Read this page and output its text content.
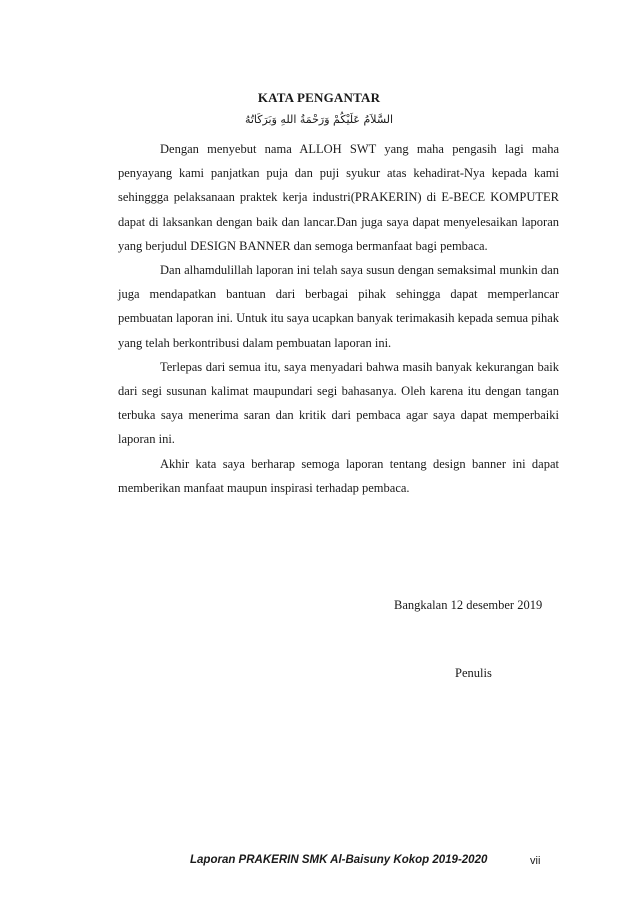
KATA PENGANTAR
السَّلاَمُ عَلَيْكُمْ وَرَحْمَةُ اللهِ وَبَرَكَاتُهُ

Dengan menyebut nama ALLOH SWT yang maha pengasih lagi maha penyayang kami panjatkan puja dan puji syukur atas kehadirat-Nya kepada kami sehinggga pelaksanaan praktek kerja industri(PRAKERIN) di E-BECE KOMPUTER dapat di laksankan dengan baik dan lancar.Dan juga saya dapat menyelesaikan laporan yang berjudul DESIGN BANNER dan semoga bermanfaat bagi pembaca.

Dan alhamdulillah laporan ini telah saya susun dengan semaksimal munkin dan juga mendapatkan bantuan dari berbagai pihak sehingga dapat memperlancar pembuatan laporan ini. Untuk itu saya ucapkan banyak terimakasih kepada semua pihak yang telah berkontribusi dalam pembuatan laporan ini.

Terlepas dari semua itu, saya menyadari bahwa masih banyak kekurangan baik dari segi susunan kalimat maupundari segi bahasanya. Oleh karena itu dengan tangan terbuka saya menerima saran dan kritik dari pembaca agar saya dapat memperbaiki laporan ini.

Akhir kata saya berharap semoga laporan tentang design banner ini dapat memberikan manfaat maupun inspirasi terhadap pembaca.

Bangkalan 12 desember 2019
Penulis
Laporan PRAKERIN SMK Al-Baisuny Kokop 2019-2020	vii
